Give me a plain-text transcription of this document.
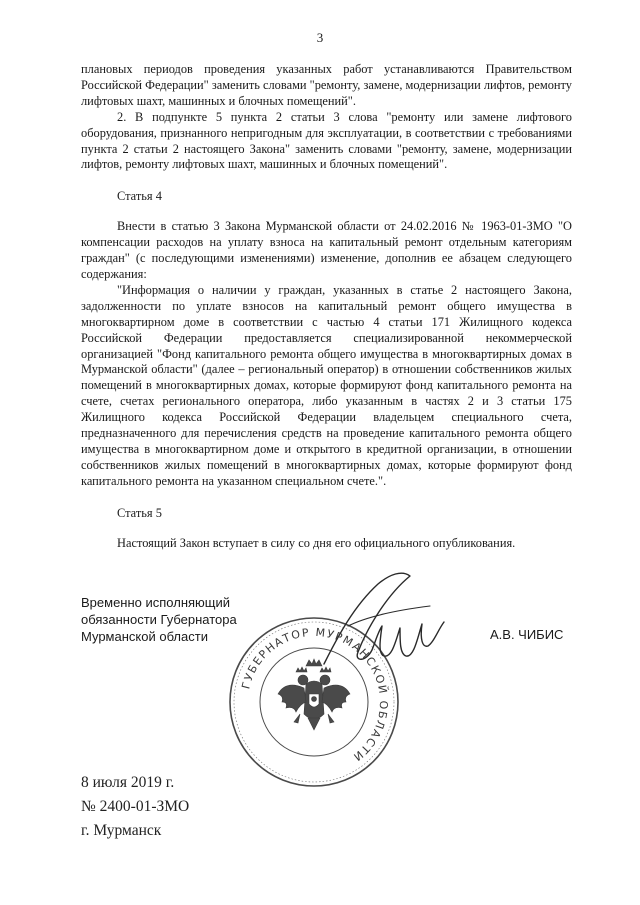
3

плановых периодов проведения указанных работ устанавливаются Правительством Российской Федерации" заменить словами "ремонту, замене, модернизации лифтов, ремонту лифтовых шахт, машинных и блочных помещений".

2. В подпункте 5 пункта 2 статьи 3 слова "ремонту или замене лифтового оборудования, признанного непригодным для эксплуатации, в соответствии с требованиями пункта 2 статьи 2 настоящего Закона" заменить словами "ремонту, замене, модернизации лифтов, ремонту лифтовых шахт, машинных и блочных помещений".

Статья 4

Внести в статью 3 Закона Мурманской области от 24.02.2016 № 1963-01-ЗМО "О компенсации расходов на уплату взноса на капитальный ремонт отдельным категориям граждан" (с последующими изменениями) изменение, дополнив ее абзацем следующего содержания:

"Информация о наличии у граждан, указанных в статье 2 настоящего Закона, задолженности по уплате взносов на капитальный ремонт общего имущества в многоквартирном доме в соответствии с частью 4 статьи 171 Жилищного кодекса Российской Федерации предоставляется специализированной некоммерческой организацией "Фонд капитального ремонта общего имущества в многоквартирных домах в Мурманской области" (далее – региональный оператор) в отношении собственников жилых помещений в многоквартирных домах, которые формируют фонд капитального ремонта на счете, счетах регионального оператора, либо указанным в частях 2 и 3 статьи 175 Жилищного кодекса Российской Федерации владельцем специального счета, предназначенного для перечисления средств на проведение капитального ремонта общего имущества в многоквартирном доме и открытого в кредитной организации, в отношении собственников жилых помещений в многоквартирных домах, которые формируют фонд капитального ремонта на указанном специальном счете.".

Статья 5

Настоящий Закон вступает в силу со дня его официального опубликования.

Временно исполняющий
обязанности Губернатора
Мурманской области	А.В. ЧИБИС
ГУБЕРНАТОР МУРМАНСКОЙ ОБЛАСТИ
8 июля 2019 г.
№ 2400-01-ЗМО
г. Мурманск
